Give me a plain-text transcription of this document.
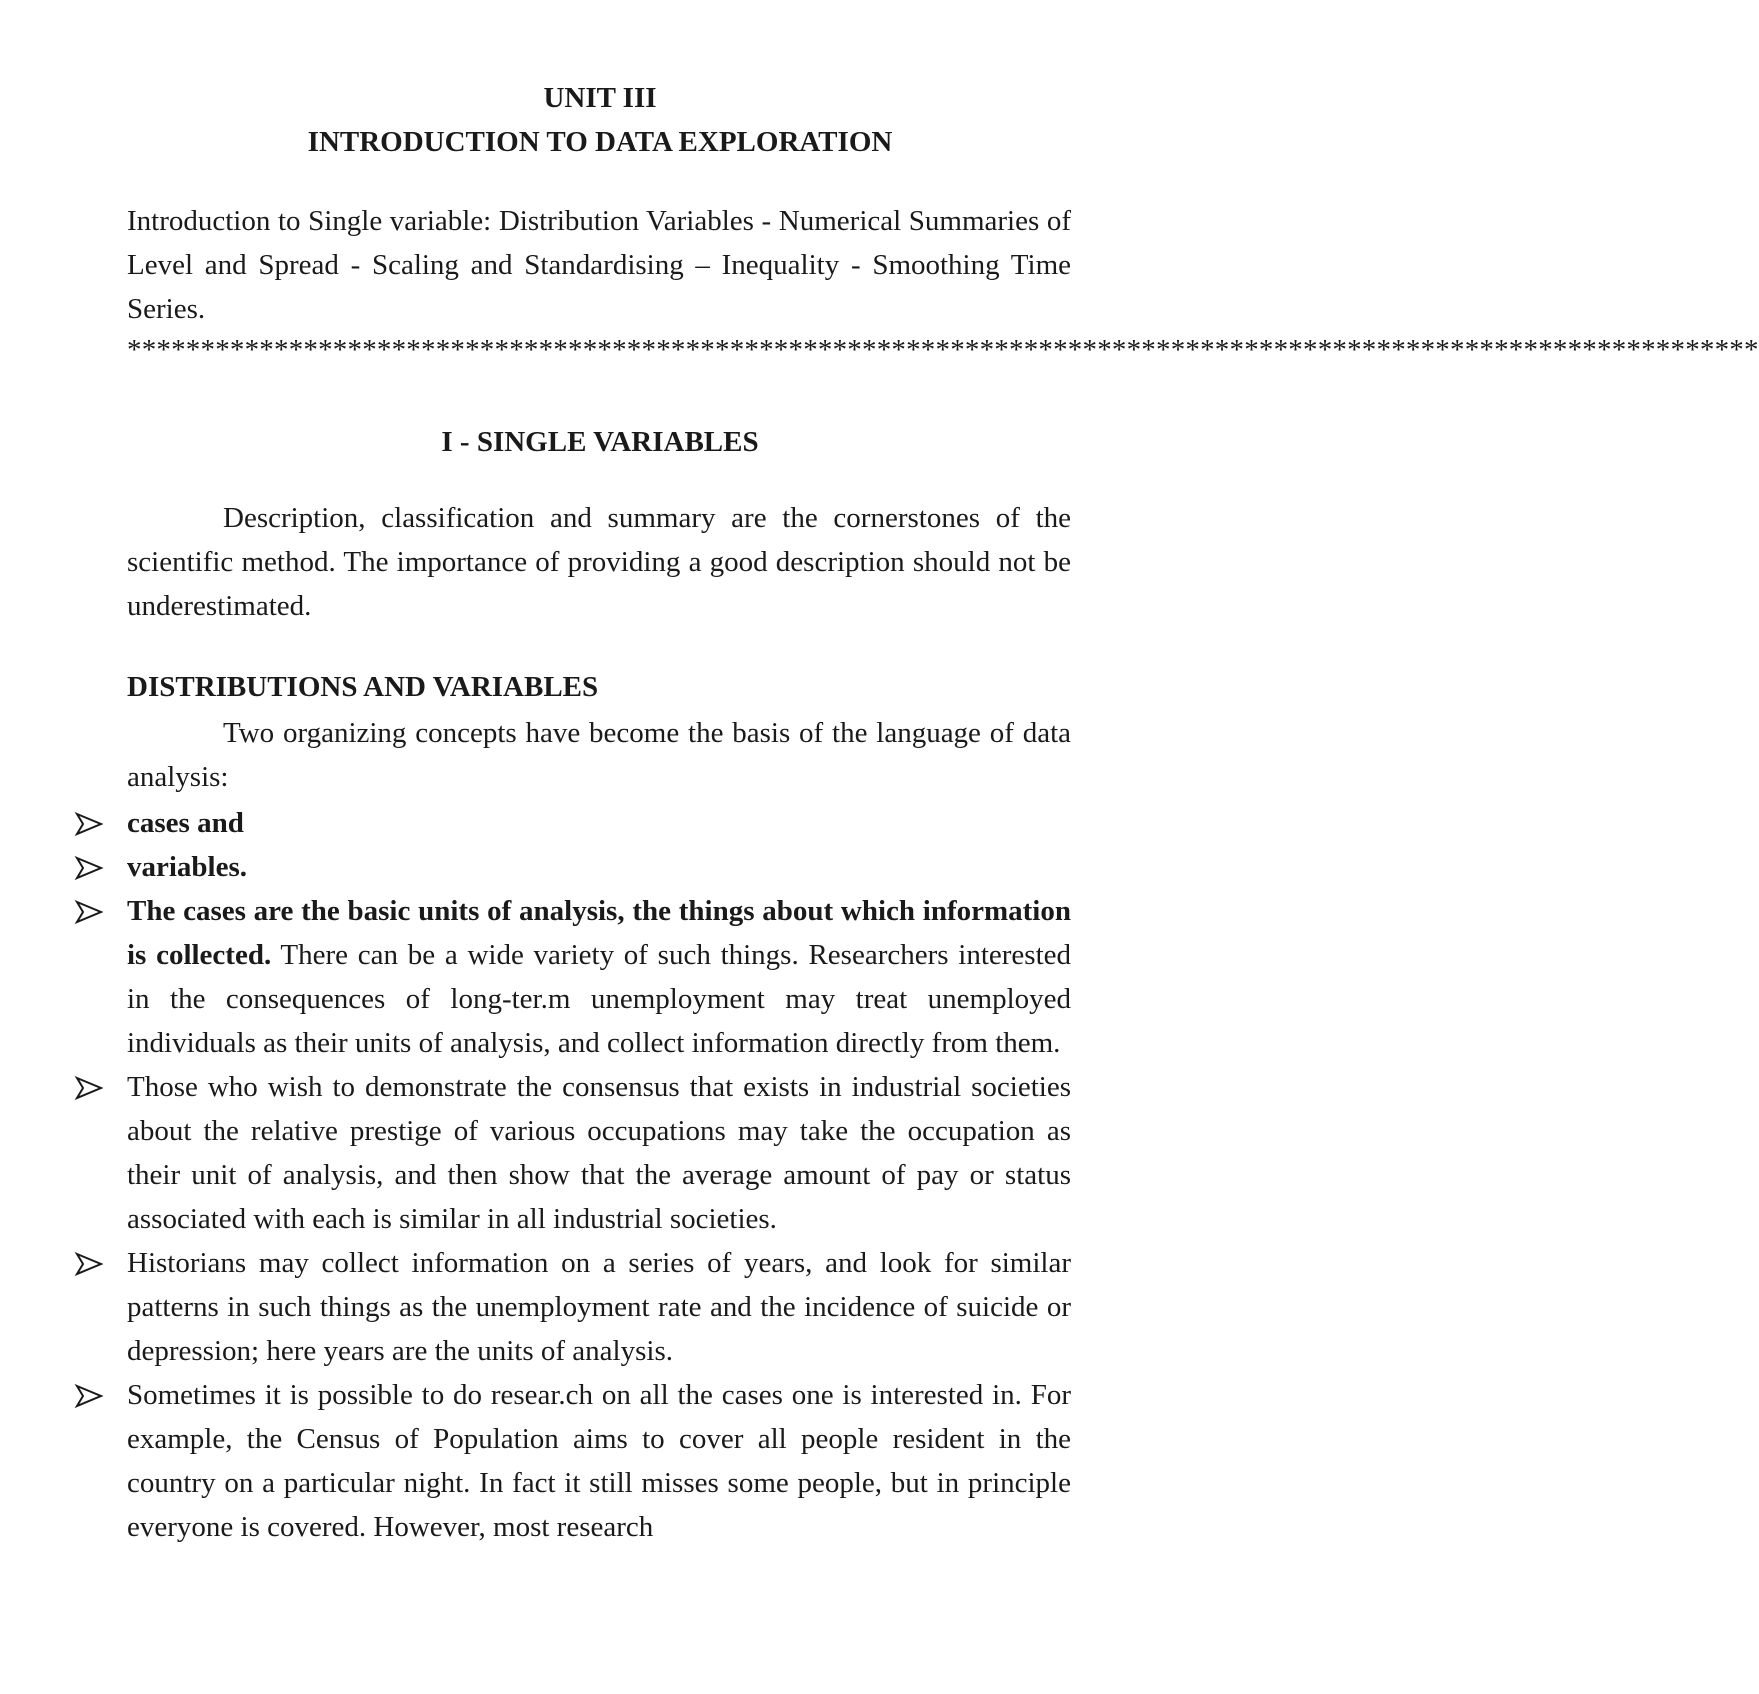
UNIT III
INTRODUCTION TO DATA EXPLORATION
Introduction to Single variable: Distribution Variables - Numerical Summaries of Level and Spread - Scaling and Standardising – Inequality - Smoothing Time Series.
***************************************************************************************************************
I - SINGLE VARIABLES
Description, classification and summary are the cornerstones of the scientific method. The importance of providing a good description should not be underestimated.
DISTRIBUTIONS AND VARIABLES
Two organizing concepts have become the basis of the language of data analysis:
cases and
variables.
The cases are the basic units of analysis, the things about which information is collected. There can be a wide variety of such things. Researchers interested in the consequences of long-ter.m unemployment may treat unemployed individuals as their units of analysis, and collect information directly from them.
Those who wish to demonstrate the consensus that exists in industrial societies about the relative prestige of various occupations may take the occupation as their unit of analysis, and then show that the average amount of pay or status associated with each is similar in all industrial societies.
Historians may collect information on a series of years, and look for similar patterns in such things as the unemployment rate and the incidence of suicide or depression; here years are the units of analysis.
Sometimes it is possible to do resear.ch on all the cases one is interested in. For example, the Census of Population aims to cover all people resident in the country on a particular night. In fact it still misses some people, but in principle everyone is covered. However, most research
